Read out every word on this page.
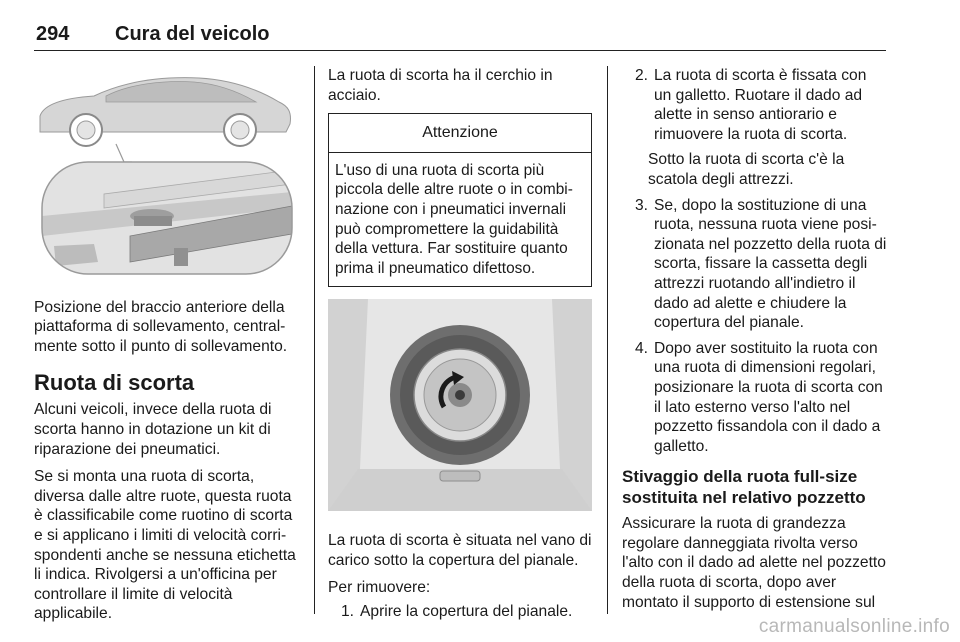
294 Cura del veicolo

Posizione del braccio anteriore della piattaforma di sollevamento, centralmente sotto il punto di sollevamento.

Ruota di scorta

Alcuni veicoli, invece della ruota di scorta hanno in dotazione un kit di riparazione dei pneumatici.

Se si monta una ruota di scorta, diversa dalle altre ruote, questa ruota è classificabile come ruotino di scorta e si applicano i limiti di velocità corrispondenti anche se nessuna etichetta li indica. Rivolgersi a un'officina per controllare il limite di velocità applicabile.

La ruota di scorta ha il cerchio in acciaio.

Attenzione
L'uso di una ruota di scorta più piccola delle altre ruote o in combinazione con i pneumatici invernali può compromettere la guidabilità della vettura. Far sostituire quanto prima il pneumatico difettoso.

La ruota di scorta è situata nel vano di carico sotto la copertura del pianale.

Per rimuovere:

1. Aprire la copertura del pianale.
2. La ruota di scorta è fissata con un galletto. Ruotare il dado ad alette in senso antiorario e rimuovere la ruota di scorta.
Sotto la ruota di scorta c'è la scatola degli attrezzi.
3. Se, dopo la sostituzione di una ruota, nessuna ruota viene posizionata nel pozzetto della ruota di scorta, fissare la cassetta degli attrezzi ruotando all'indietro il dado ad alette e chiudere la copertura del pianale.
4. Dopo aver sostituito la ruota con una ruota di dimensioni regolari, posizionare la ruota di scorta con il lato esterno verso l'alto nel pozzetto fissandola con il dado a galletto.
Stivaggio della ruota full-size sostituita nel relativo pozzetto

Assicurare la ruota di grandezza regolare danneggiata rivolta verso l'alto con il dado ad alette nel pozzetto della ruota di scorta, dopo aver montato il supporto di estensione sul

carmanualsonline.info
